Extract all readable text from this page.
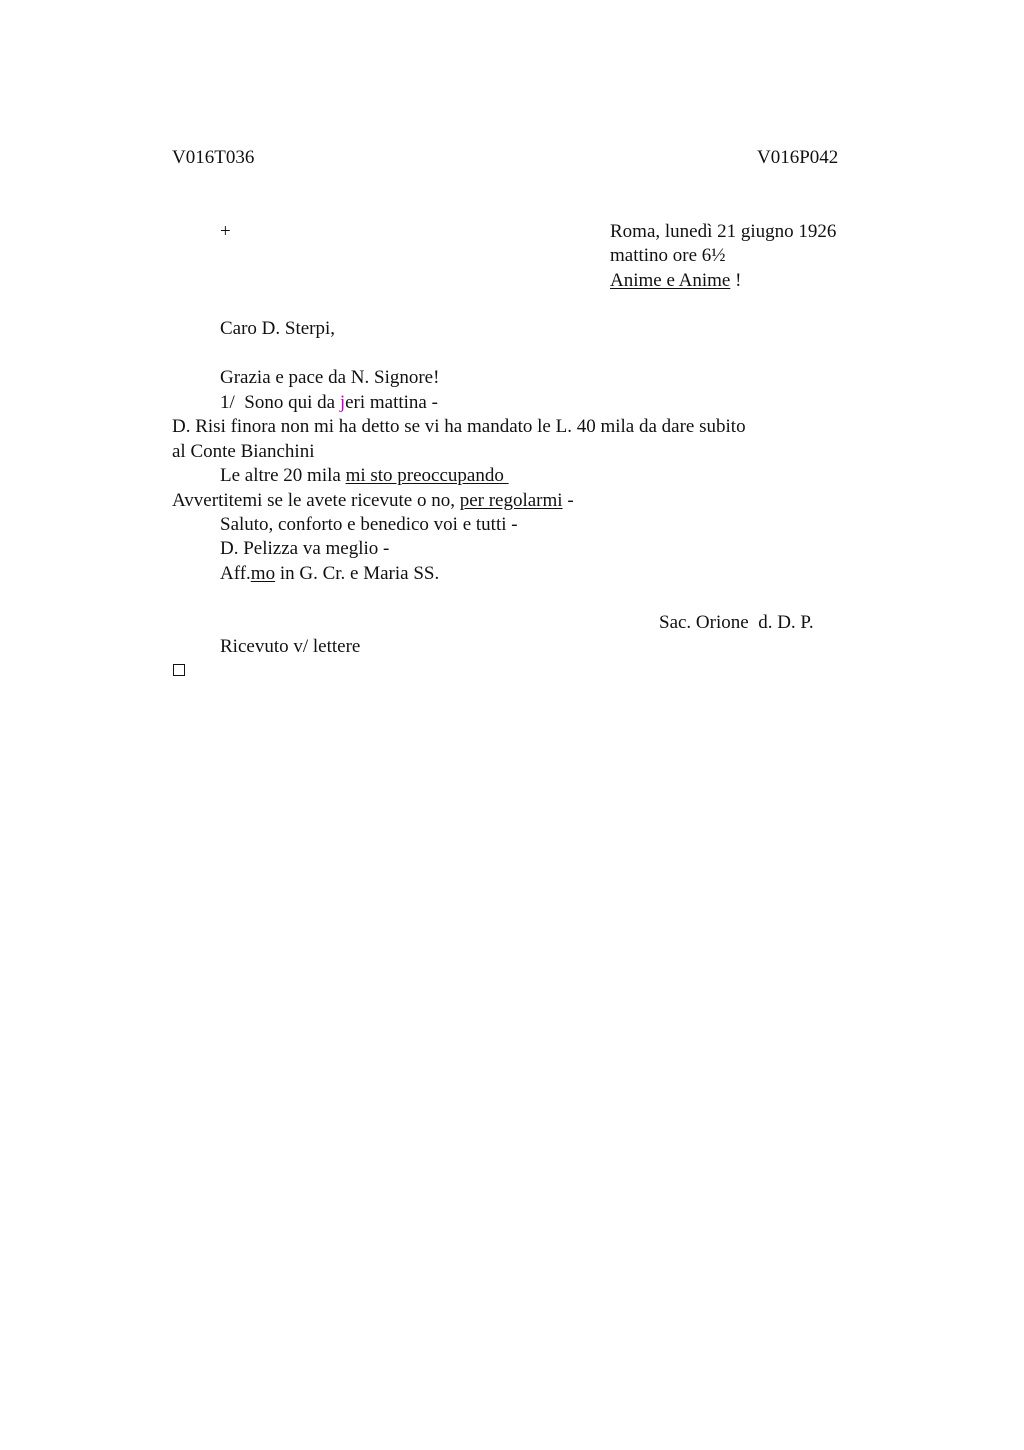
V016T036	V016P042
+	Roma, lunedì 21 giugno 1926
mattino ore 6½
Anime e Anime !
Caro D. Sterpi,
Grazia e pace da N. Signore!
1/  Sono qui da jeri mattina -
D. Risi finora non mi ha detto se vi ha mandato le L. 40 mila da dare subito
al Conte Bianchini
Le altre 20 mila mi sto preoccupando
Avvertitemi se le avete ricevute o no, per regolarmi -
Saluto, conforto e benedico voi e tutti -
D. Pelizza va meglio -
Aff.mo in G. Cr. e Maria SS.
Sac. Orione  d. D. P.
Ricevuto v/ lettere
